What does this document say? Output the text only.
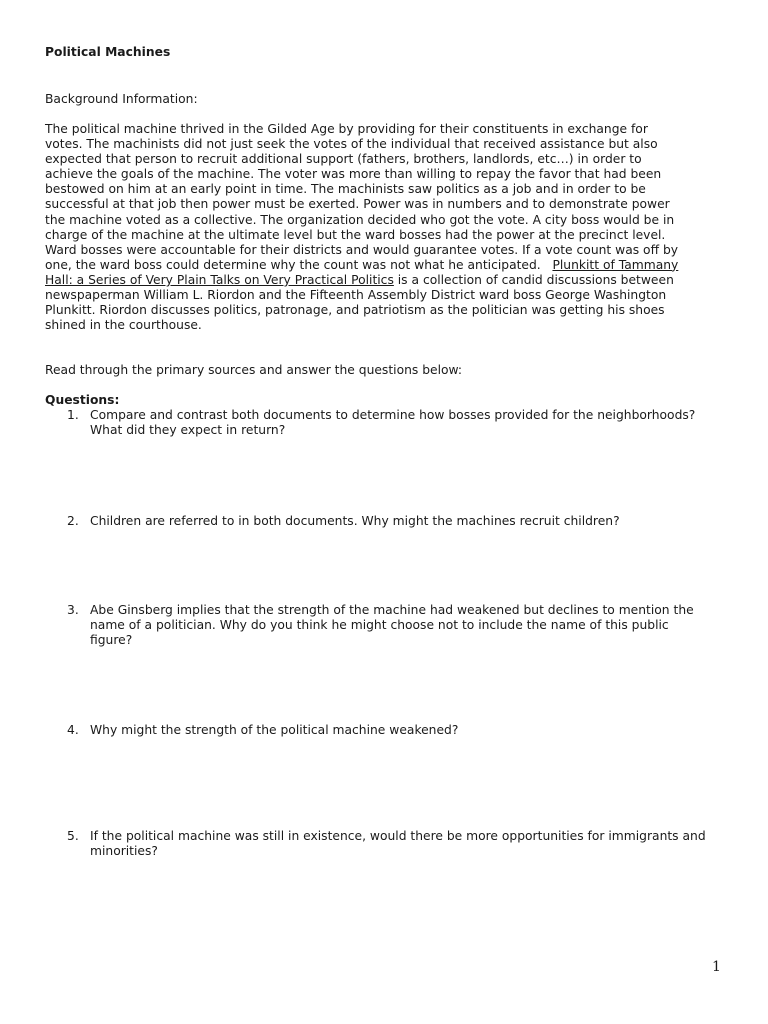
Political Machines

Background Information:

The political machine thrived in the Gilded Age by providing for their constituents in exchange for
votes. The machinists did not just seek the votes of the individual that received assistance but also
expected that person to recruit additional support (fathers, brothers, landlords, etc…) in order to
achieve the goals of the machine. The voter was more than willing to repay the favor that had been
bestowed on him at an early point in time. The machinists saw politics as a job and in order to be
successful at that job then power must be exerted. Power was in numbers and to demonstrate power
the machine voted as a collective. The organization decided who got the vote. A city boss would be in
charge of the machine at the ultimate level but the ward bosses had the power at the precinct level.
Ward bosses were accountable for their districts and would guarantee votes. If a vote count was off by
one, the ward boss could determine why the count was not what he anticipated.   Plunkitt of Tammany
Hall: a Series of Very Plain Talks on Very Practical Politics is a collection of candid discussions between
newspaperman William L. Riordon and the Fifteenth Assembly District ward boss George Washington
Plunkitt. Riordon discusses politics, patronage, and patriotism as the politician was getting his shoes
shined in the courthouse.

Read through the primary sources and answer the questions below:

Questions:

1. Compare and contrast both documents to determine how bosses provided for the neighborhoods?
What did they expect in return?
2. Children are referred to in both documents. Why might the machines recruit children?
3. Abe Ginsberg implies that the strength of the machine had weakened but declines to mention the
name of a politician. Why do you think he might choose not to include the name of this public
figure?
4. Why might the strength of the political machine weakened?
5. If the political machine was still in existence, would there be more opportunities for immigrants and
minorities?
1
